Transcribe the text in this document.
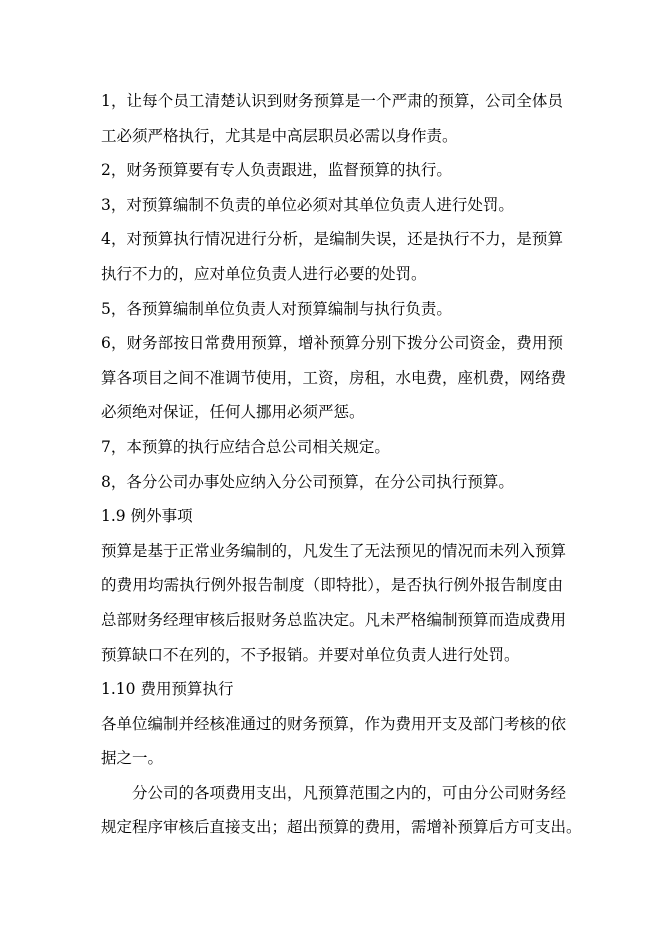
1，让每个员工清楚认识到财务预算是一个严肃的预算，公司全体员
工必须严格执行，尤其是中高层职员必需以身作责。
2，财务预算要有专人负责跟进，监督预算的执行。
3，对预算编制不负责的单位必须对其单位负责人进行处罚。
4，对预算执行情况进行分析，是编制失误，还是执行不力，是预算
执行不力的，应对单位负责人进行必要的处罚。
5，各预算编制单位负责人对预算编制与执行负责。
6，财务部按日常费用预算，增补预算分别下拨分公司资金，费用预
算各项目之间不准调节使用，工资，房租，水电费，座机费，网络费
必须绝对保证，任何人挪用必须严惩。
7，本预算的执行应结合总公司相关规定。
8，各分公司办事处应纳入分公司预算，在分公司执行预算。
1.9 例外事项
预算是基于正常业务编制的，凡发生了无法预见的情况而未列入预算
的费用均需执行例外报告制度（即特批），是否执行例外报告制度由
总部财务经理审核后报财务总监决定。凡未严格编制预算而造成费用
预算缺口不在列的，不予报销。并要对单位负责人进行处罚。
1.10 费用预算执行
各单位编制并经核准通过的财务预算，作为费用开支及部门考核的依
据之一。
分公司的各项费用支出，凡预算范围之内的，可由分公司财务经
规定程序审核后直接支出；超出预算的费用，需增补预算后方可支出。
